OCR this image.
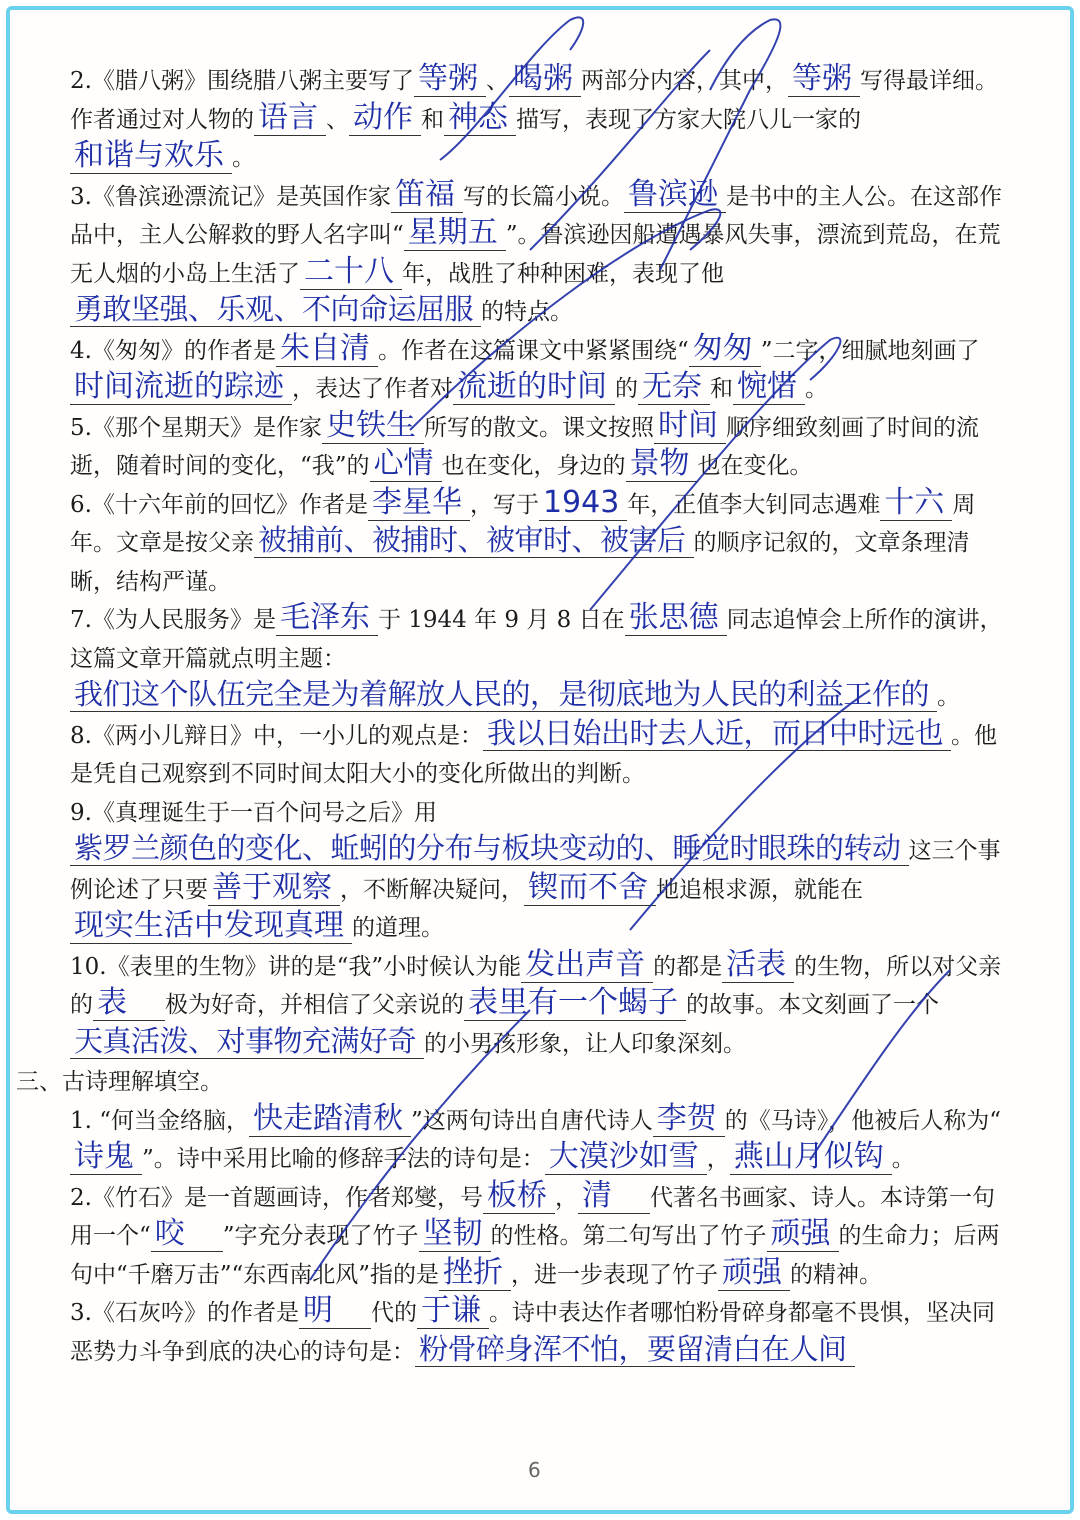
2.《腊八粥》围绕腊八粥主要写了 等粥 、 喝粥 两部分内容，其中， 等粥 写得最详细。作者通过对人物的 语言 、 动作 和 神态 描写，表现了方家大院八儿一家的和谐与欢乐 。

3.《鲁滨逊漂流记》是英国作家 笛福 写的长篇小说。 鲁滨逊 是书中的主人公。在这部作品中，主人公解救的野人名字叫“ 星期五 ”。鲁滨逊因船遭遇暴风失事，漂流到荒岛，在荒无人烟的小岛上生活了 二十八 年，战胜了种种困难，表现了他勇敢坚强、乐观、不向命运屈服 的特点。

4.《匆匆》的作者是 朱自清 。作者在这篇课文中紧紧围绕“ 匆匆 ”二字，细腻地刻画了时间流逝的踪迹 ，表达了作者对 流逝的时间 的 无奈 和 惋惜 。

5.《那个星期天》是作家 史铁生 所写的散文。课文按照 时间 顺序细致刻画了时间的流逝，随着时间的变化，“我”的 心情 也在变化，身边的 景物 也在变化。

6.《十六年前的回忆》作者是 李星华 ，写于 1943 年，正值李大钊同志遇难 十六 周年。文章是按父亲 被捕前、被捕时、被审时、被害后 的顺序记叙的，文章条理清晰，结构严谨。

7.《为人民服务》是 毛泽东 于 1944 年 9 月 8 日在 张思德 同志追悼会上所作的演讲，这篇文章开篇就点明主题：我们这个队伍完全是为着解放人民的，是彻底地为人民的利益工作的 。

8.《两小儿辩日》中，一小儿的观点是： 我以日始出时去人近，而日中时远也 。他是凭自己观察到不同时间太阳大小的变化所做出的判断。

9.《真理诞生于一百个问号之后》用紫罗兰颜色的变化、蚯蚓的分布与板块变动的、睡觉时眼珠的转动 这三个事例论述了只要 善于观察 ，不断解决疑问， 锲而不舍 地追根求源，就能在现实生活中发现真理 的道理。

10.《表里的生物》讲的是“我”小时候认为能 发出声音 的都是 活表 的生物，所以对父亲的 表 极为好奇，并相信了父亲说的 表里有一个蝎子 的故事。本文刻画了一个天真活泼、对事物充满好奇 的小男孩形象，让人印象深刻。

三、古诗理解填空。

1. “何当金络脑， 快走踏清秋 ”这两句诗出自唐代诗人 李贺 的《马诗》，他被后人称为“诗鬼 ”。诗中采用比喻的修辞手法的诗句是： 大漠沙如雪 ， 燕山月似钩 。

2.《竹石》是一首题画诗，作者郑燮，号 板桥 ， 清 代著名书画家、诗人。本诗第一句用一个“ 咬 ”字充分表现了竹子 坚韧 的性格。第二句写出了竹子 顽强 的生命力；后两句中“千磨万击”“东西南北风”指的是 挫折 ，进一步表现了竹子 顽强 的精神。

3.《石灰吟》的作者是 明 代的 于谦 。诗中表达作者哪怕粉骨碎身都毫不畏惧，坚决同恶势力斗争到底的决心的诗句是： 粉骨碎身浑不怕，要留清白在人间

6
